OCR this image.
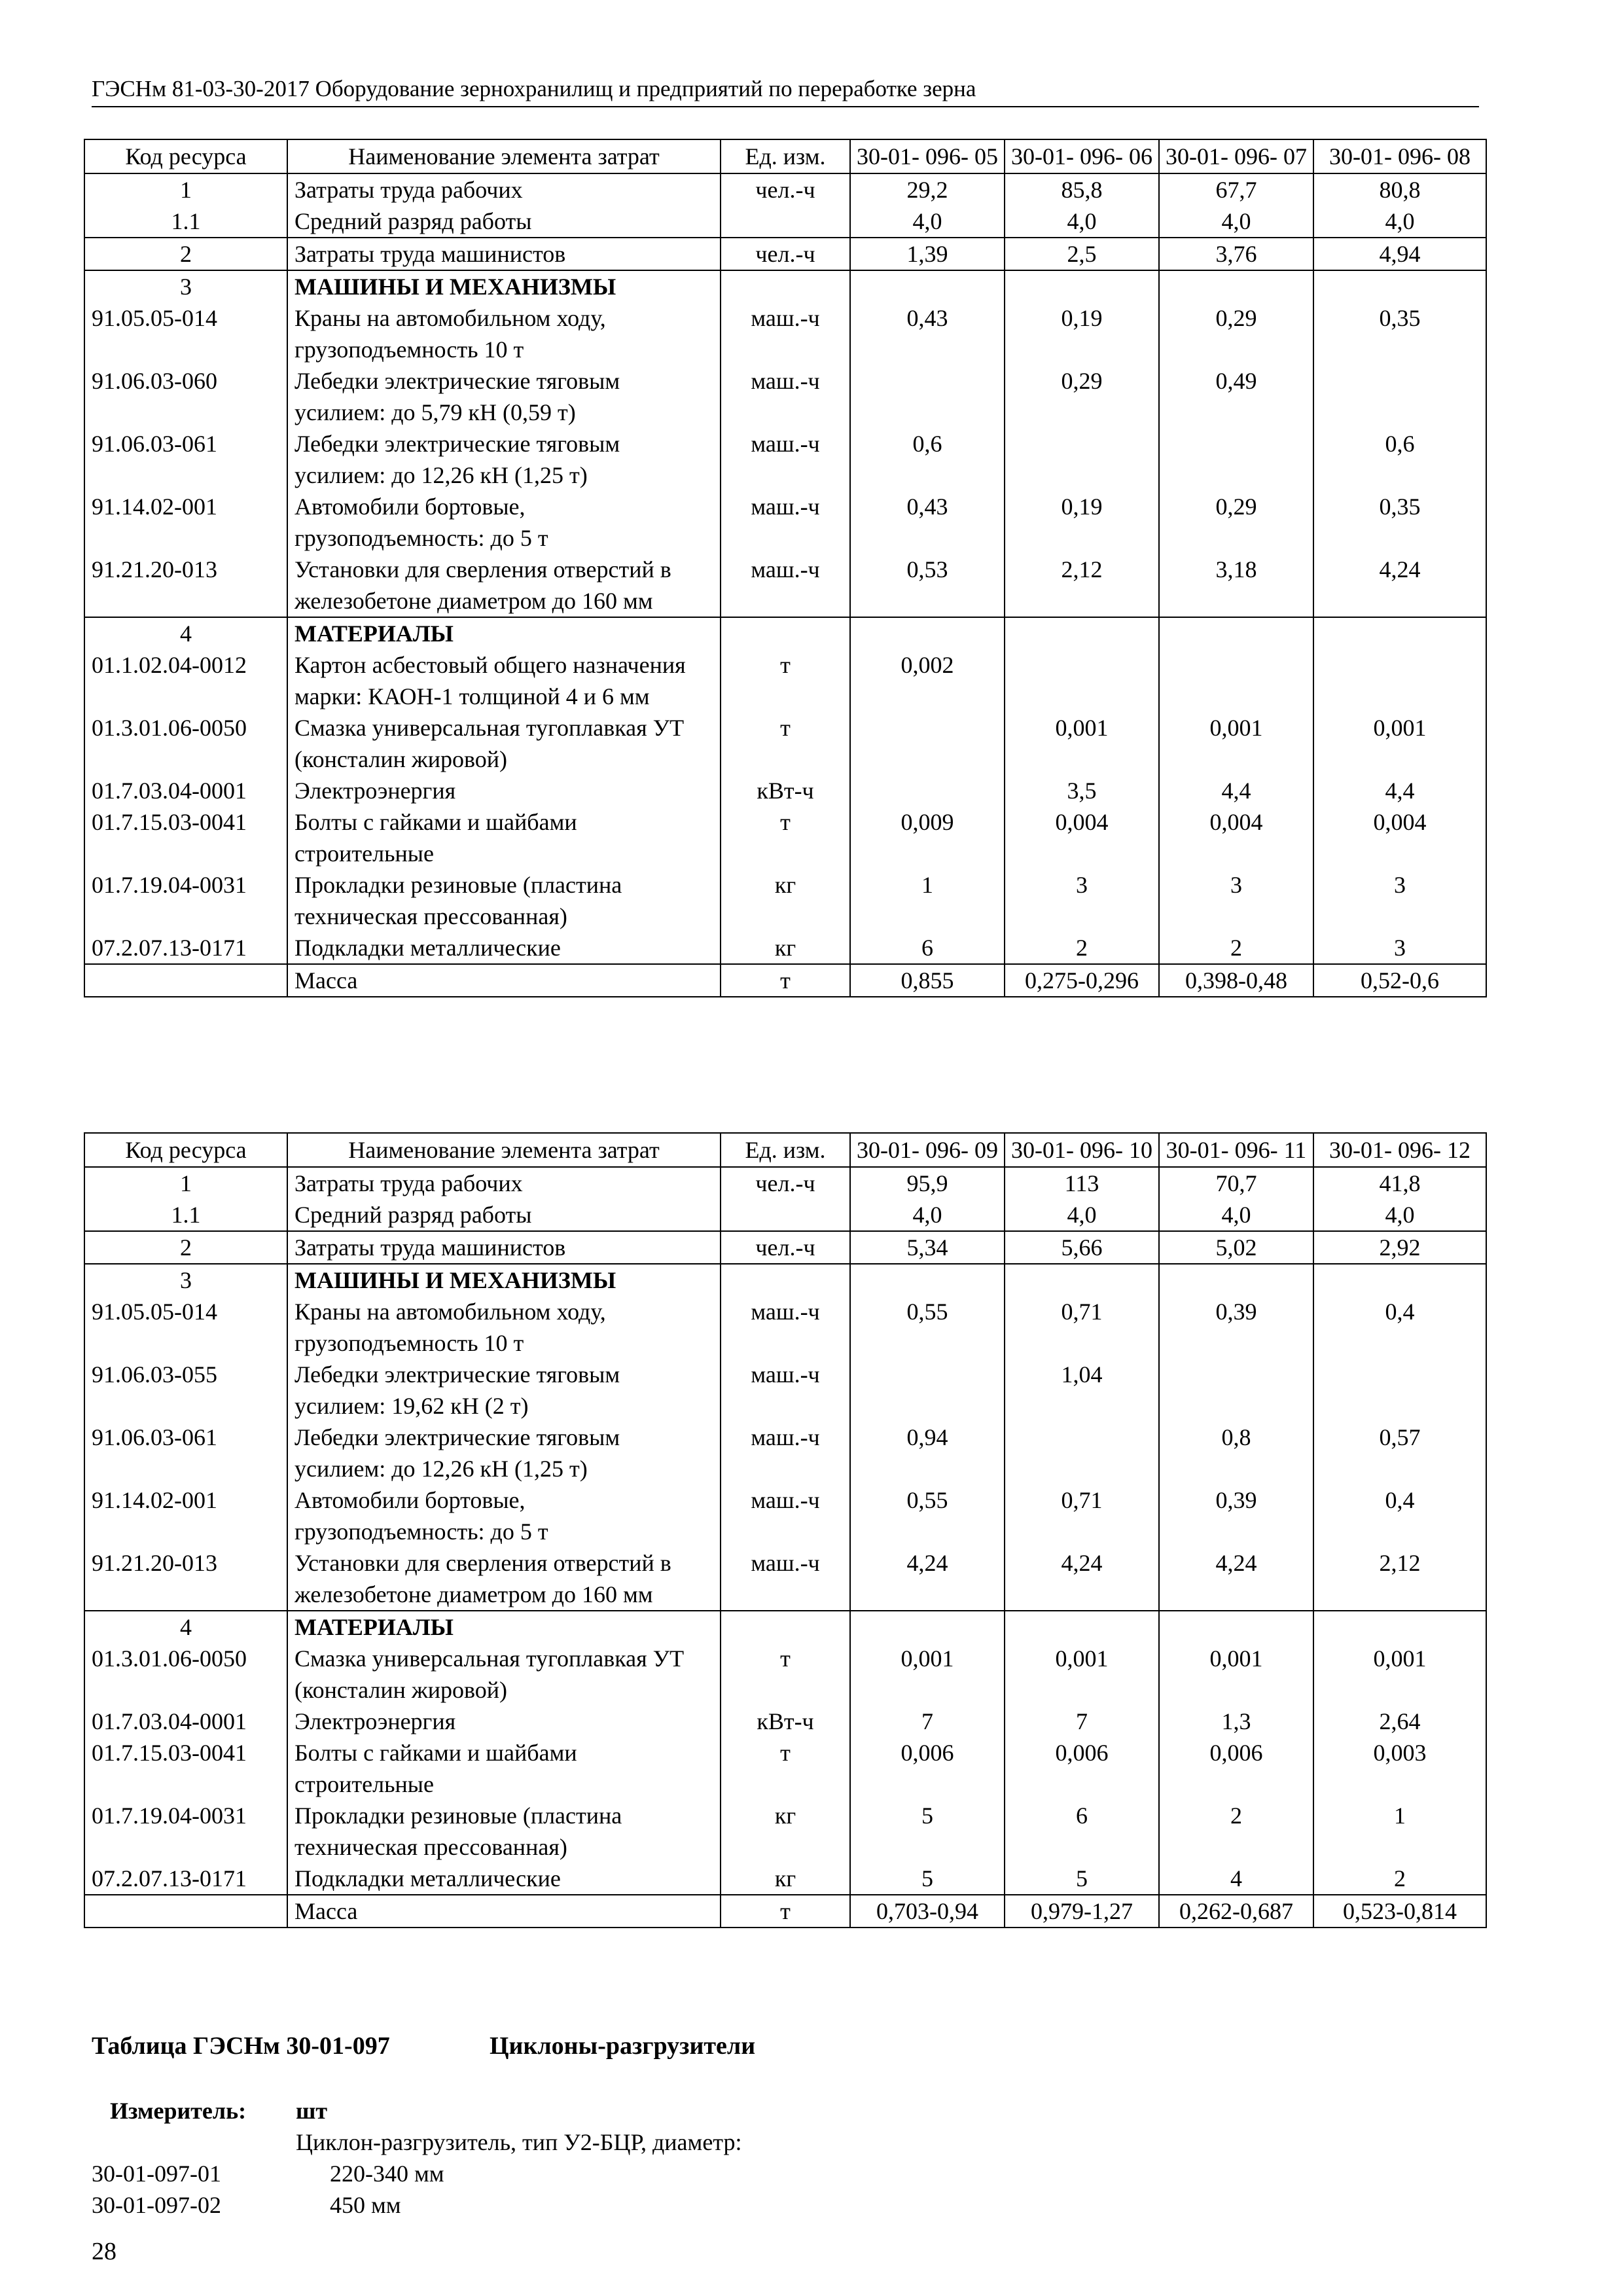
ГЭСНм 81-03-30-2017 Оборудование зернохранилищ и предприятий по переработке зерна
Код ресурса	Наименование элемента затрат	Ед. изм.	30-01- 096- 05	30-01- 096- 06	30-01- 096- 07	30-01- 096- 08
1	Затраты труда рабочих	чел.-ч	29,2	85,8	67,7	80,8
1.1	Средний разряд работы		4,0	4,0	4,0	4,0
2	Затраты труда машинистов	чел.-ч	1,39	2,5	3,76	4,94
3	МАШИНЫ И МЕХАНИЗМЫ					
91.05.05-014	Краны на автомобильном ходу, грузоподъемность 10 т	маш.-ч	0,43	0,19	0,29	0,35
91.06.03-060	Лебедки электрические тяговым усилием: до 5,79 кН (0,59 т)	маш.-ч		0,29	0,49	
91.06.03-061	Лебедки электрические тяговым усилием: до 12,26 кН (1,25 т)	маш.-ч	0,6			0,6
91.14.02-001	Автомобили бортовые, грузоподъемность: до 5 т	маш.-ч	0,43	0,19	0,29	0,35
91.21.20-013	Установки для сверления отверстий в железобетоне диаметром до 160 мм	маш.-ч	0,53	2,12	3,18	4,24
4	МАТЕРИАЛЫ					
01.1.02.04-0012	Картон асбестовый общего назначения марки: КАОН-1 толщиной 4 и 6 мм	т	0,002			
01.3.01.06-0050	Смазка универсальная тугоплавкая УТ (консталин жировой)	т		0,001	0,001	0,001
01.7.03.04-0001	Электроэнергия	кВт-ч		3,5	4,4	4,4
01.7.15.03-0041	Болты с гайками и шайбами строительные	т	0,009	0,004	0,004	0,004
01.7.19.04-0031	Прокладки резиновые (пластина техническая прессованная)	кг	1	3	3	3
07.2.07.13-0171	Подкладки металлические	кг	6	2	2	3
	Масса	т	0,855	0,275-0,296	0,398-0,48	0,52-0,6
Код ресурса	Наименование элемента затрат	Ед. изм.	30-01- 096- 09	30-01- 096- 10	30-01- 096- 11	30-01- 096- 12
1	Затраты труда рабочих	чел.-ч	95,9	113	70,7	41,8
1.1	Средний разряд работы		4,0	4,0	4,0	4,0
2	Затраты труда машинистов	чел.-ч	5,34	5,66	5,02	2,92
3	МАШИНЫ И МЕХАНИЗМЫ					
91.05.05-014	Краны на автомобильном ходу, грузоподъемность 10 т	маш.-ч	0,55	0,71	0,39	0,4
91.06.03-055	Лебедки электрические тяговым усилием: 19,62 кН (2 т)	маш.-ч		1,04		
91.06.03-061	Лебедки электрические тяговым усилием: до 12,26 кН (1,25 т)	маш.-ч	0,94		0,8	0,57
91.14.02-001	Автомобили бортовые, грузоподъемность: до 5 т	маш.-ч	0,55	0,71	0,39	0,4
91.21.20-013	Установки для сверления отверстий в железобетоне диаметром до 160 мм	маш.-ч	4,24	4,24	4,24	2,12
4	МАТЕРИАЛЫ					
01.3.01.06-0050	Смазка универсальная тугоплавкая УТ (консталин жировой)	т	0,001	0,001	0,001	0,001
01.7.03.04-0001	Электроэнергия	кВт-ч	7	7	1,3	2,64
01.7.15.03-0041	Болты с гайками и шайбами строительные	т	0,006	0,006	0,006	0,003
01.7.19.04-0031	Прокладки резиновые (пластина техническая прессованная)	кг	5	6	2	1
07.2.07.13-0171	Подкладки металлические	кг	5	5	4	2
	Масса	т	0,703-0,94	0,979-1,27	0,262-0,687	0,523-0,814
Таблица ГЭСНм 30-01-097	Циклоны-разгрузители
Измеритель: шт
Циклон-разгрузитель, тип У2-БЦР, диаметр:
30-01-097-01	220-340 мм
30-01-097-02	450 мм
28
